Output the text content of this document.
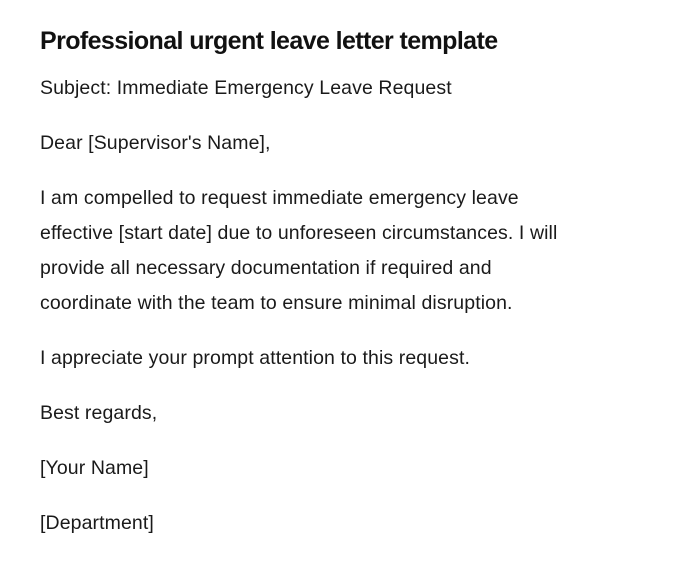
Professional urgent leave letter template

Subject: Immediate Emergency Leave Request

Dear [Supervisor's Name],

I am compelled to request immediate emergency leave
effective [start date] due to unforeseen circumstances. I will
provide all necessary documentation if required and
coordinate with the team to ensure minimal disruption.

I appreciate your prompt attention to this request.

Best regards,

[Your Name]

[Department]
